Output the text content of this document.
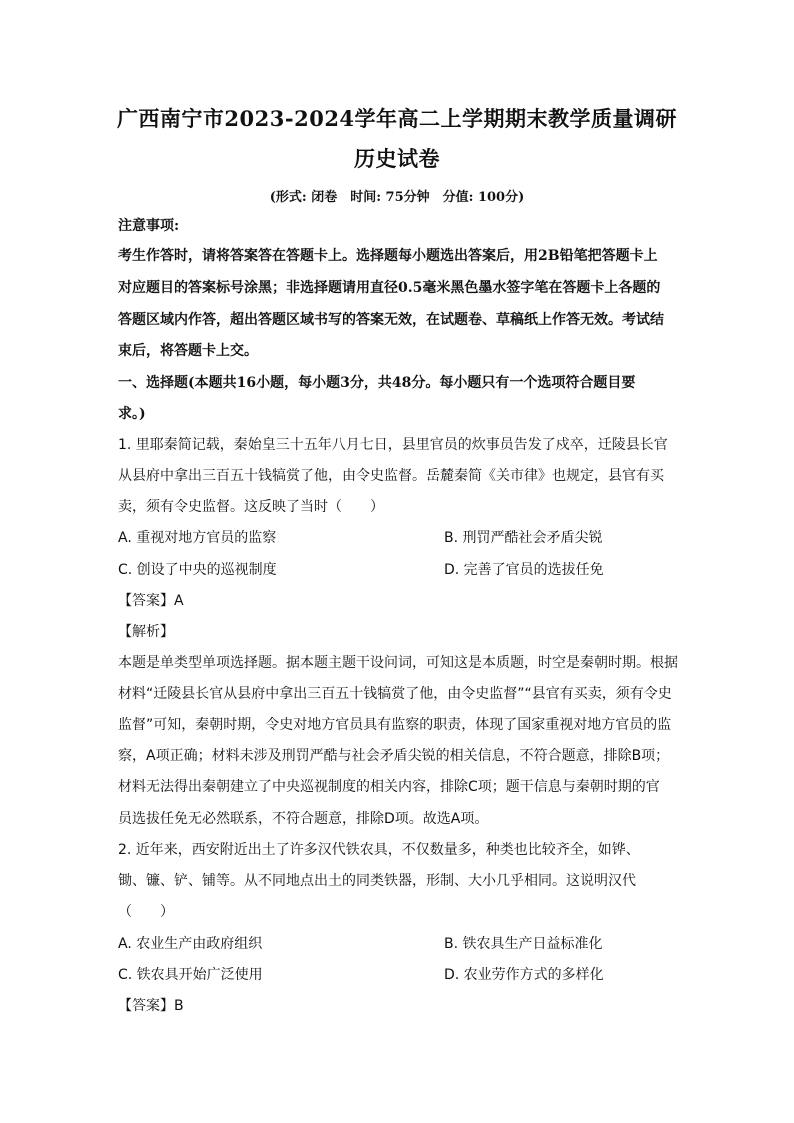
广西南宁市2023-2024学年高二上学期期末教学质量调研
历史试卷
(形式: 闭卷　时间: 75分钟　分值: 100分)
注意事项:
考生作答时，请将答案答在答题卡上。选择题每小题选出答案后，用2B铅笔把答题卡上
对应题目的答案标号涂黑；非选择题请用直径0.5毫米黑色墨水签字笔在答题卡上各题的
答题区域内作答，超出答题区域书写的答案无效，在试题卷、草稿纸上作答无效。考试结
束后，将答题卡上交。
一、选择题(本题共16小题，每小题3分，共48分。每小题只有一个选项符合题目要
求。)
1. 里耶秦简记载，秦始皇三十五年八月七日，县里官员的炊事员告发了戍卒，迁陵县长官
从县府中拿出三百五十钱犒赏了他，由令史监督。岳麓秦简《关市律》也规定，县官有买
卖，须有令史监督。这反映了当时（　　）
A. 重视对地方官员的监察	B. 刑罚严酷社会矛盾尖锐
C. 创设了中央的巡视制度	D. 完善了官员的选拔任免
【答案】A
【解析】
本题是单类型单项选择题。据本题主题干设问词，可知这是本质题，时空是秦朝时期。根据
材料“迁陵县长官从县府中拿出三百五十钱犒赏了他，由令史监督”“县官有买卖，须有令史
监督”可知，秦朝时期，令史对地方官员具有监察的职责，体现了国家重视对地方官员的监
察，A项正确；材料未涉及刑罚严酷与社会矛盾尖锐的相关信息，不符合题意，排除B项；
材料无法得出秦朝建立了中央巡视制度的相关内容，排除C项；题干信息与秦朝时期的官
员选拔任免无必然联系，不符合题意，排除D项。故选A项。
2. 近年来，西安附近出土了许多汉代铁农具，不仅数量多，种类也比较齐全，如铧、
锄、镰、铲、铺等。从不同地点出土的同类铁器，形制、大小几乎相同。这说明汉代
（　　）
A. 农业生产由政府组织	B. 铁农具生产日益标准化
C. 铁农具开始广泛使用	D. 农业劳作方式的多样化
【答案】B
